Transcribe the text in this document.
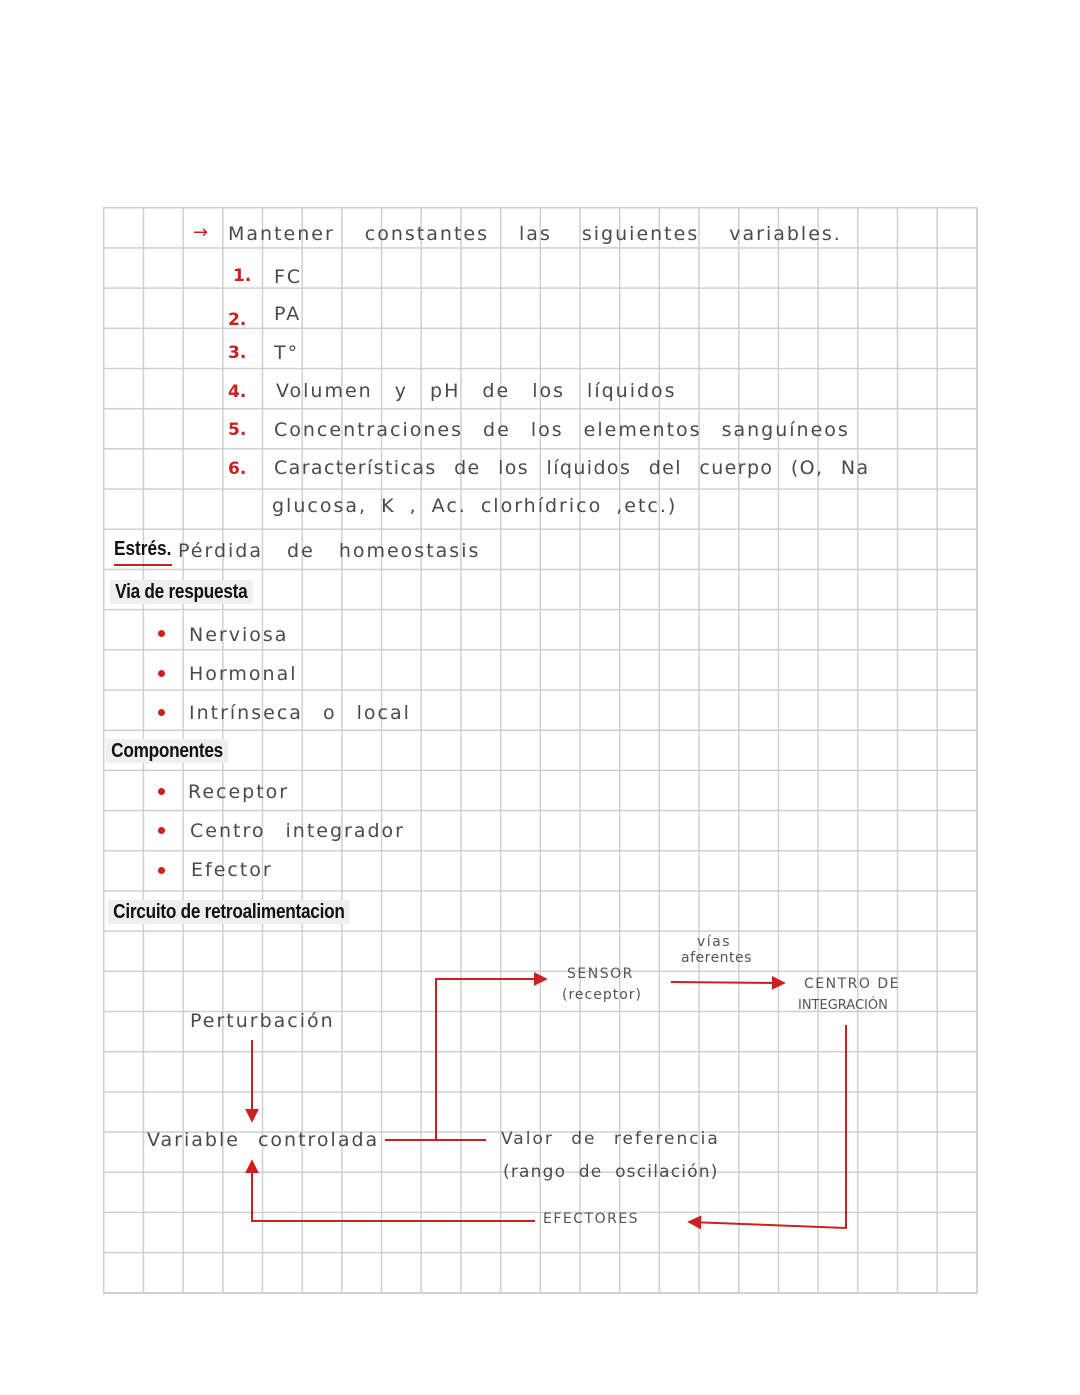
→ Mantener constantes las siguientes variables.
1. FC
2. PA
3. T°
4. Volumen y pH de los líquidos
5. Concentraciones de los elementos sanguíneos
6. Características de los líquidos del cuerpo (O, Na
glucosa, K , Ac. clorhídrico ,etc.)
Estrés. Pérdida de homeostasis
Via de respuesta
Nerviosa
Hormonal
Intrínseca o local
Componentes
Receptor
Centro integrador
Efector
Circuito de retroalimentacion
Perturbación
Variable controlada
SENSOR
(receptor)
vías
aferentes
CENTRO DE
INTEGRACIÓN
Valor de referencia
(rango de oscilación)
EFECTORES
